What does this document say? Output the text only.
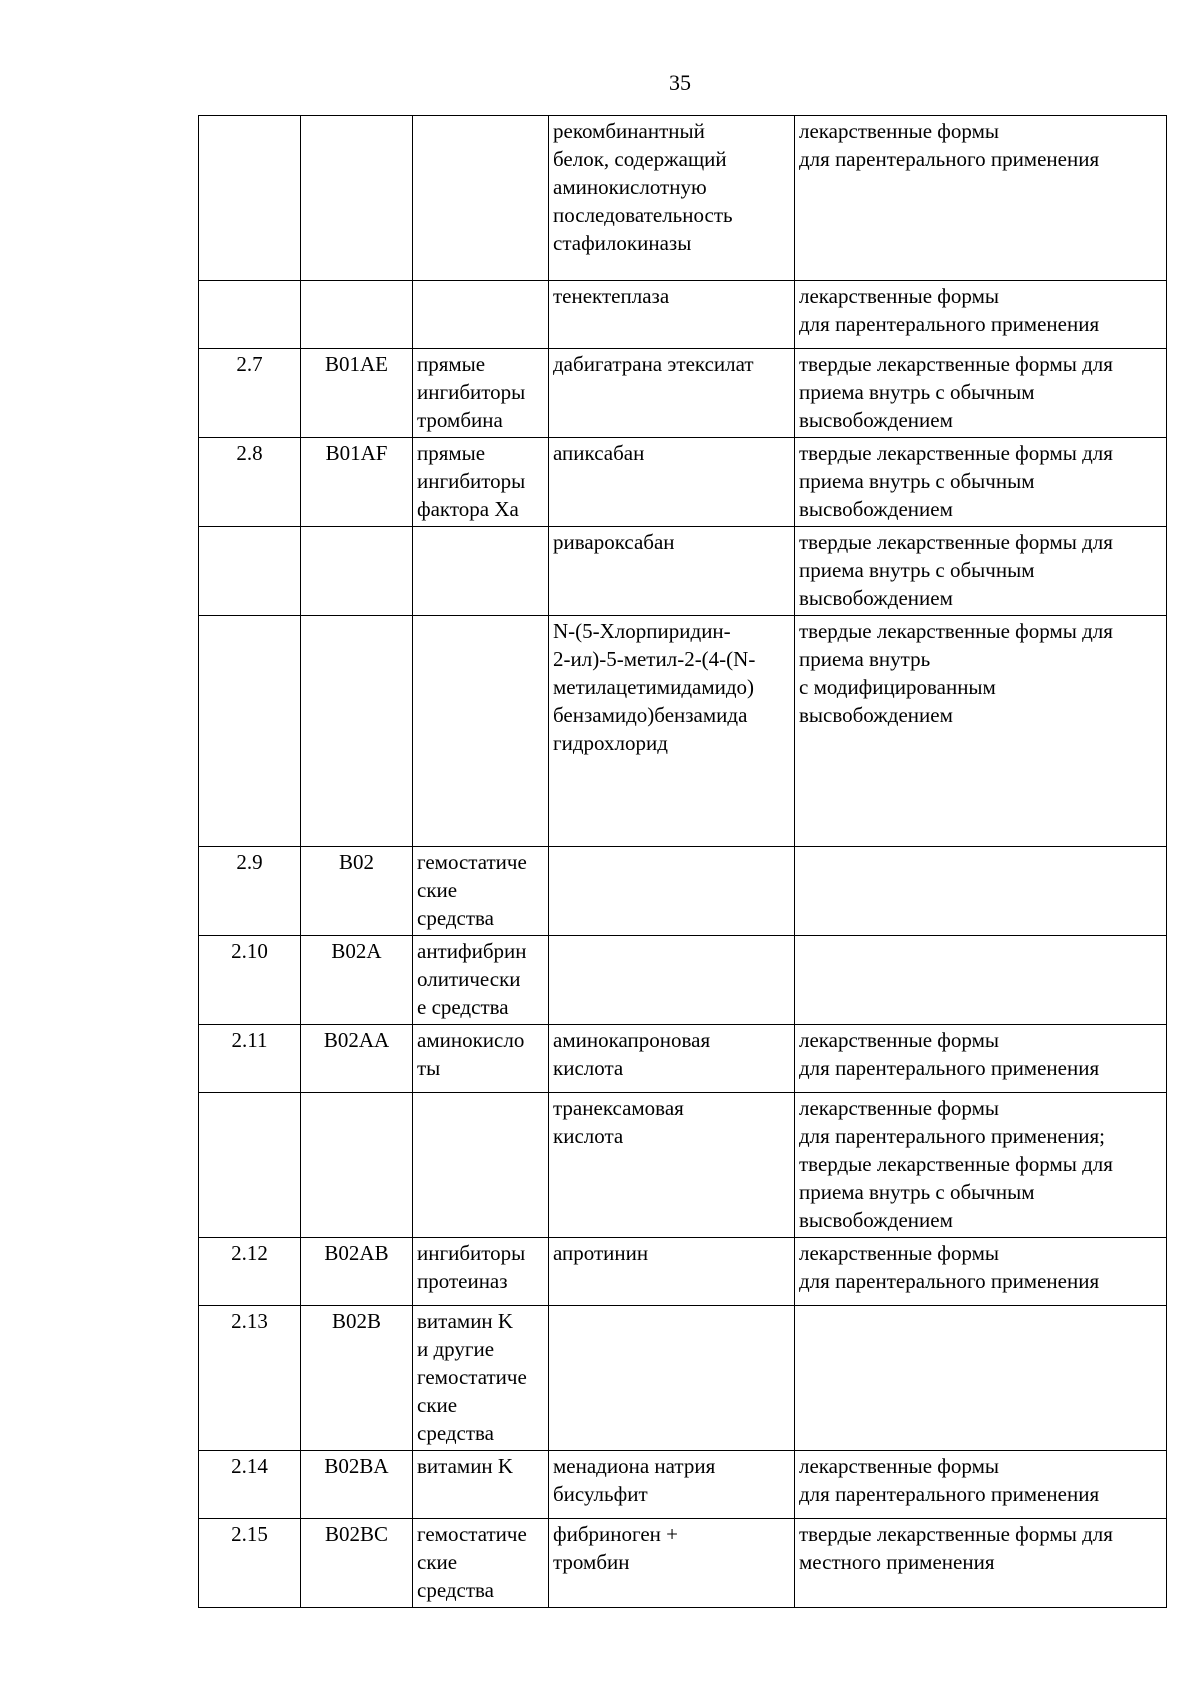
35
			рекомбинантный
белок, содержащий
аминокислотную
последовательность
стафилокиназы	лекарственные формы
для парентерального применения
			тенектеплаза	лекарственные формы
для парентерального применения
2.7	B01AE	прямые
ингибиторы
тромбина	дабигатрана этексилат	твердые лекарственные формы для
приема внутрь с обычным
высвобождением
2.8	B01AF	прямые
ингибиторы
фактора Ха	апиксабан	твердые лекарственные формы для
приема внутрь с обычным
высвобождением
			ривароксабан	твердые лекарственные формы для
приема внутрь с обычным
высвобождением
			N-(5-Хлорпиридин-
2-ил)-5-метил-2-(4-(N-
метилацетимидамидо)
бензамидо)бензамида
гидрохлорид	твердые лекарственные формы для
приема внутрь
с модифицированным
высвобождением
2.9	B02	гемостатиче
ские
средства		
2.10	B02A	антифибрин
олитически
е средства		
2.11	B02AA	аминокисло
ты	аминокапроновая
кислота	лекарственные формы
для парентерального применения
			транексамовая
кислота	лекарственные формы
для парентерального применения;
твердые лекарственные формы для
приема внутрь с обычным
высвобождением
2.12	B02AB	ингибиторы
протеиназ	апротинин	лекарственные формы
для парентерального применения
2.13	B02B	витамин K
и другие
гемостатиче
ские
средства		
2.14	B02BA	витамин K	менадиона натрия
бисульфит	лекарственные формы
для парентерального применения
2.15	B02BC	гемостатиче
ские
средства	фибриноген +
тромбин	твердые лекарственные формы для
местного применения
